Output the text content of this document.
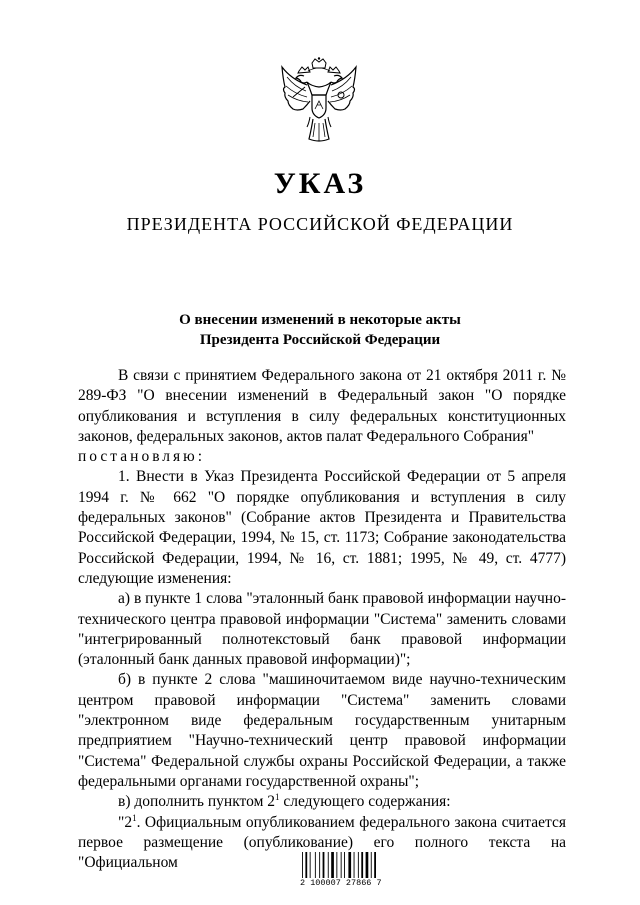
УКАЗ
ПРЕЗИДЕНТА РОССИЙСКОЙ ФЕДЕРАЦИИ
О внесении изменений в некоторые акты
Президента Российской Федерации

В связи с принятием Федерального закона от 21 октября 2011 г. № 289-ФЗ "О внесении изменений в Федеральный закон "О порядке опубликования и вступления в силу федеральных конституционных законов, федеральных законов, актов палат Федерального Собрания"

постановляю:

1. Внести в Указ Президента Российской Федерации от 5 апреля 1994 г. № 662 "О порядке опубликования и вступления в силу федеральных законов" (Собрание актов Президента и Правительства Российской Федерации, 1994, № 15, ст. 1173; Собрание законодательства Российской Федерации, 1994, № 16, ст. 1881; 1995, № 49, ст. 4777) следующие изменения:

а) в пункте 1 слова "эталонный банк правовой информации научно-технического центра правовой информации "Система" заменить словами "интегрированный полнотекстовый банк правовой информации (эталонный банк данных правовой информации)";

б) в пункте 2 слова "машиночитаемом виде научно-техническим центром правовой информации "Система" заменить словами "электронном виде федеральным государственным унитарным предприятием "Научно-технический центр правовой информации "Система" Федеральной службы охраны Российской Федерации, а также федеральными органами государственной охраны";

в) дополнить пунктом $2^1$ следующего содержания:

"$2^1$. Официальным опубликованием федерального закона считается первое размещение (опубликование) его полного текста на "Официальном

2 100007 27866 7
